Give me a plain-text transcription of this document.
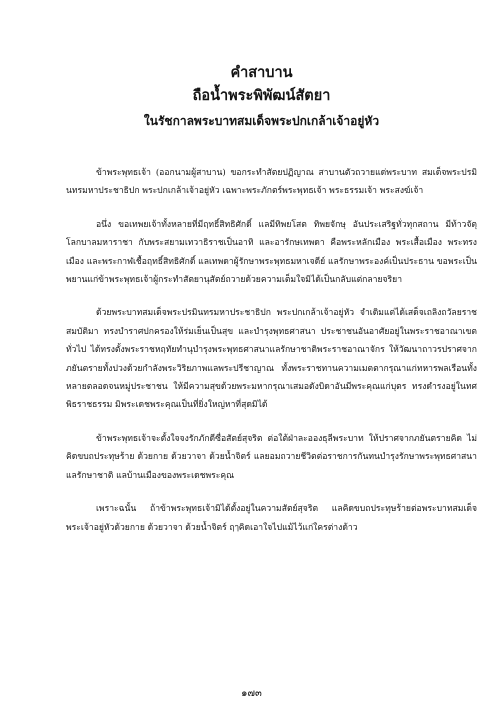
คำสาบาน

ถือน้ำพระพิพัฒน์สัตยา

ในรัชกาลพระบาทสมเด็จพระปกเกล้าเจ้าอยู่หัว

ข้าพระพุทธเจ้า (ออกนามผู้สาบาน) ขอกระทำสัตยปฏิญาณ สาบานตัวถวายแด่พระบาท สมเด็จพระปรมินทรมหาประชาธิปก พระปกเกล้าเจ้าอยู่หัว เฉพาะพระภักตร์พระพุทธเจ้า พระธรรมเจ้า พระสงฆ์เจ้า

อนึ่ง ขอเทพยเจ้าทั้งหลายที่มีฤทธิ์สิทธิศักดิ์ แลมีทิพยโสต ทิพยจักษุ อันประเสริฐทั่วทุกสถาน มีท้าวจัตุโลกบาลมหาราชา กับพระสยามเทวาธิราชเป็นอาทิ และอารักษเทพดา คือพระหลักเมือง พระเสื้อเมือง พระทรงเมือง และพระกาฬเชื้อฤทธิ์สิทธิศักดิ์ แลเทพดาผู้รักษาพระพุทธมหาเจดีย์ แลรักษาพระองค์เป็นประธาน ขอพระเป็นพยานแก่ข้าพระพุทธเจ้าผู้กระทำสัตยานุสัตย์ถวายด้วยความเต็มใจมิได้เป็นกลับแต่กลายจริยา

ด้วยพระบาทสมเด็จพระปรมินทรมหาประชาธิปก พระปกเกล้าเจ้าอยู่หัว จำเดิมแต่ได้เสด็จเถลิงถวัลยราชสมบัติมา ทรงบำราศปกครองให้ร่มเย็นเป็นสุข และบำรุงพุทธศาสนา ประชาชนอันอาศัยอยู่ในพระราชอาณาเขตทั่วไป ได้ทรงตั้งพระราชหฤทัยทำนุบำรุงพระพุทธศาสนาแลรักษาชาติพระราชอาณาจักร ให้วัฒนาถาวรปราศจากภยันตรายทั้งปวงด้วยกำลังพระวิริยภาพแลพระปรีชาญาณ ทั้งพระราชทานความเมตตากรุณาแก่ทหารพลเรือนทั้งหลายตลอดจนหมู่ประชาชน ให้มีความสุขด้วยพระมหากรุณาเสมอดังบิดาอันมีพระคุณแก่บุตร ทรงดำรงอยู่ในทศพิธราชธรรม มิพระเดชพระคุณเป็นที่ยิ่งใหญ่หาที่สุดมิได้

ข้าพระพุทธเจ้าจะตั้งใจจงรักภักดีซื่อสัตย์สุจริต ต่อใต้ฝ่าละอองธุลีพระบาท ให้ปราศจากภยันตรายคิด ไม่คิดขบถประทุษร้าย ด้วยกาย ด้วยวาจา ด้วยน้ำจิตร์ แลยอมถวายชีวิตต่อราชการกันทนบำรุงรักษาพระพุทธศาสนาแลรักษาชาติ แลบ้านเมืองของพระเดชพระคุณ

เพราะฉนั้น ถ้าข้าพระพุทธเจ้ามิได้ตั้งอยู่ในความสัตย์สุจริต แลคิดขบถประทุษร้ายต่อพระบาทสมเด็จพระเจ้าอยู่หัวด้วยกาย ด้วยวาจา ด้วยน้ำจิตร์ ฤๅคิดเอาใจไปแม้ไว้แก่ใครต่างด้าว

๑๗๓
